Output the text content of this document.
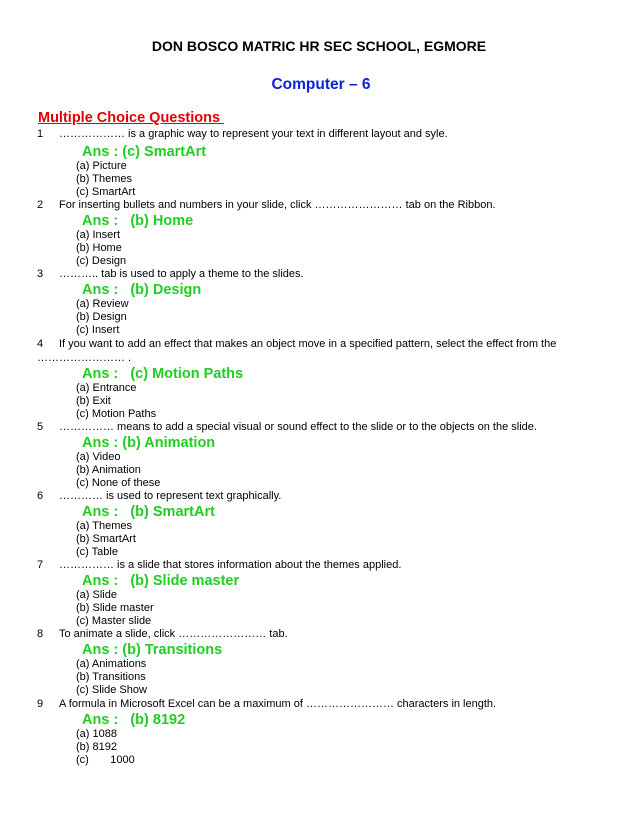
DON BOSCO MATRIC HR SEC SCHOOL, EGMORE
Computer – 6
Multiple Choice Questions
1 ……………… is a graphic way to represent your text in different layout and syle.
Ans : (c) SmartArt
(a) Picture
(b) Themes
(c) SmartArt
2 For inserting bullets and numbers in your slide, click …………………… tab on the Ribbon.
Ans :   (b) Home
(a) Insert
(b) Home
(c) Design
3 ……….. tab is used to apply a theme to the slides.
Ans :   (b) Design
(a) Review
(b) Design
(c) Insert
4 If you want to add an effect that makes an object move in a specified pattern, select the effect from the
…………………… .
Ans :   (c) Motion Paths
(a) Entrance
(b) Exit
(c) Motion Paths
5 …………… means to add a special visual or sound effect to the slide or to the objects on the slide.
Ans : (b) Animation
(a) Video
(b) Animation
(c) None of these
6 ………… is used to represent text graphically.
Ans :   (b) SmartArt
(a) Themes
(b) SmartArt
(c) Table
7 …………… is a slide that stores information about the themes applied.
Ans :   (b) Slide master
(a) Slide
(b) Slide master
(c) Master slide
8 To animate a slide, click …………………… tab.
Ans : (b) Transitions
(a) Animations
(b) Transitions
(c) Slide Show
9 A formula in Microsoft Excel can be a maximum of …………………… characters in length.
Ans :   (b) 8192
(a) 1088
(b) 8192
(c)       1000
